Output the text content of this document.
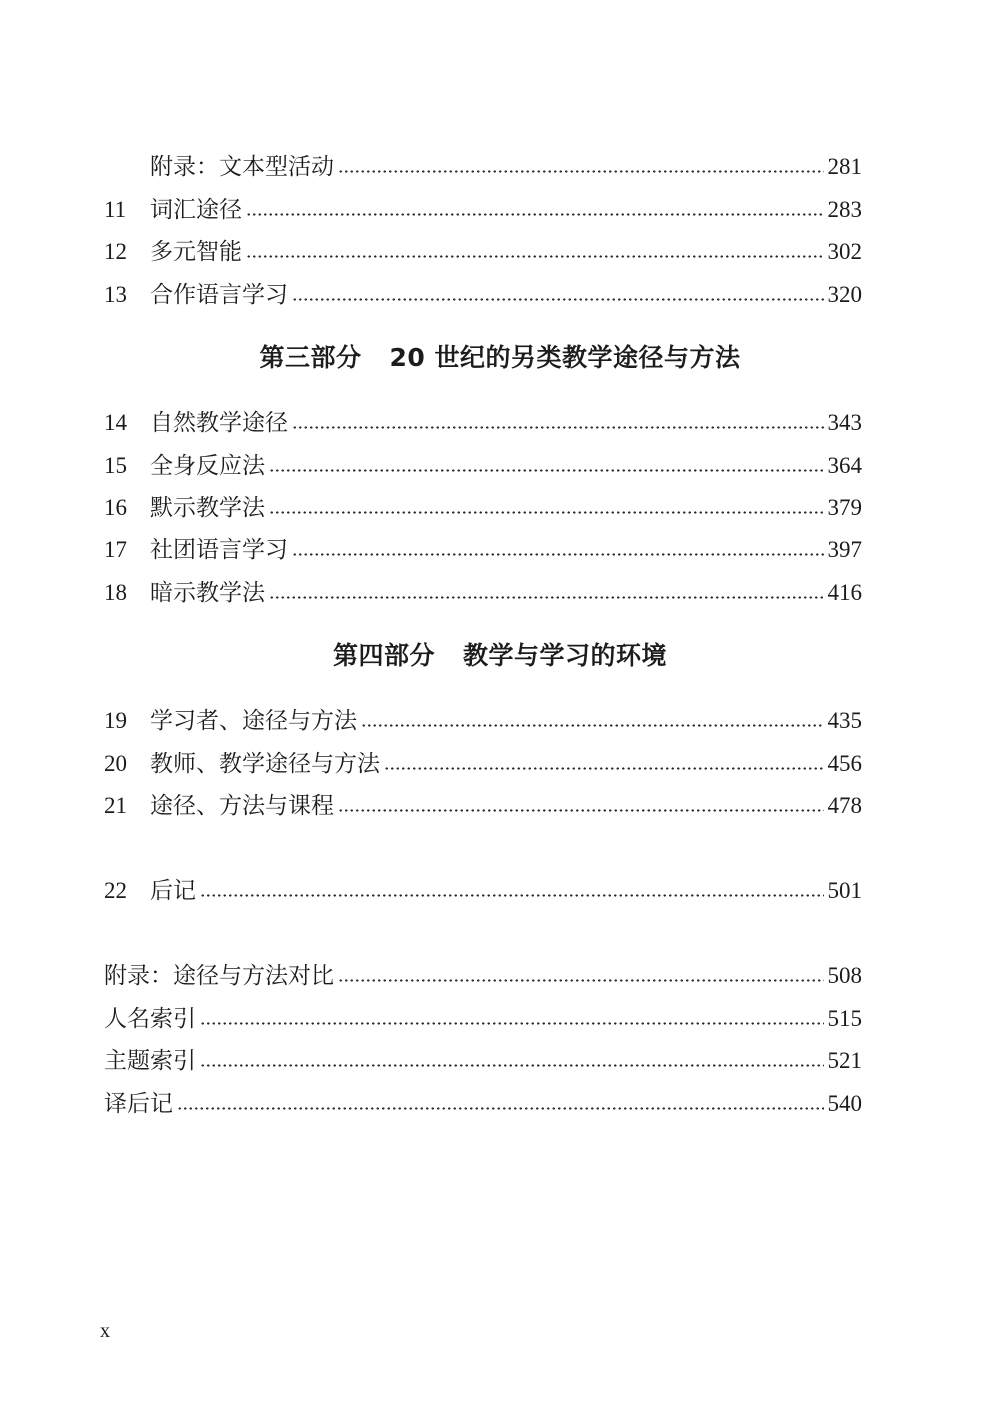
附录：文本型活动	281
11	词汇途径	283
12	多元智能	302
13	合作语言学习	320
第三部分 20 世纪的另类教学途径与方法
14	自然教学途径	343
15	全身反应法	364
16	默示教学法	379
17	社团语言学习	397
18	暗示教学法	416
第四部分 教学与学习的环境
19	学习者、途径与方法	435
20	教师、教学途径与方法	456
21	途径、方法与课程	478
22	后记	501
附录：途径与方法对比	508
人名索引	515
主题索引	521
译后记	540
x
